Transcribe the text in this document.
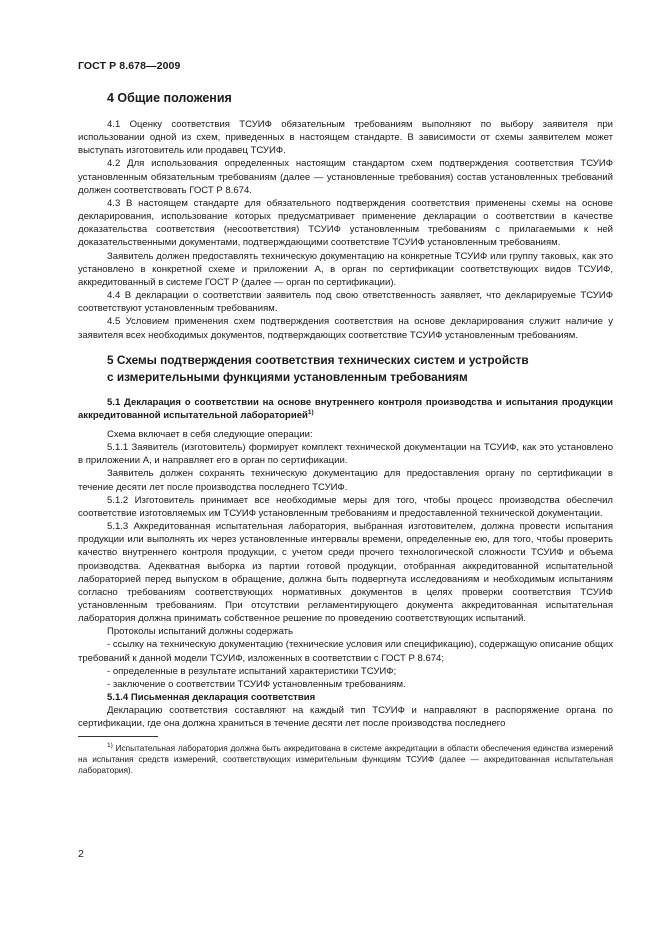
ГОСТ Р 8.678—2009
4 Общие положения

4.1 Оценку соответствия ТСУИФ обязательным требованиям выполняют по выбору заявителя при использовании одной из схем, приведенных в настоящем стандарте. В зависимости от схемы заявителем может выступать изготовитель или продавец ТСУИФ.

4.2 Для использования определенных настоящим стандартом схем подтверждения соответствия ТСУИФ установленным обязательным требованиям (далее — установленные требования) состав установленных требований должен соответствовать ГОСТ Р 8.674.

4.3 В настоящем стандарте для обязательного подтверждения соответствия применены схемы на основе декларирования, использование которых предусматривает применение декларации о соответствии в качестве доказательства соответствия (несоответствия) ТСУИФ установленным требованиям с прилагаемыми к ней доказательственными документами, подтверждающими соответствие ТСУИФ установленным требованиям.

Заявитель должен предоставлять техническую документацию на конкретные ТСУИФ или группу таковых, как это установлено в конкретной схеме и приложении А, в орган по сертификации соответствующих видов ТСУИФ, аккредитованный в системе ГОСТ Р (далее — орган по сертификации).

4.4 В декларации о соответствии заявитель под свою ответственность заявляет, что декларируемые ТСУИФ соответствуют установленным требованиям.

4.5 Условием применения схем подтверждения соответствия на основе декларирования служит наличие у заявителя всех необходимых документов, подтверждающих соответствие ТСУИФ установленным требованиям.

5 Схемы подтверждения соответствия технических систем и устройств
с измерительными функциями установленным требованиям

5.1 Декларация о соответствии на основе внутреннего контроля производства и испытания продукции аккредитованной испытательной лабораторией$^{1)}$

Схема включает в себя следующие операции:

5.1.1 Заявитель (изготовитель) формирует комплект технической документации на ТСУИФ, как это установлено в приложении А, и направляет его в орган по сертификации.

Заявитель должен сохранять техническую документацию для предоставления органу по сертификации в течение десяти лет после производства последнего ТСУИФ.

5.1.2 Изготовитель принимает все необходимые меры для того, чтобы процесс производства обеспечил соответствие изготовляемых им ТСУИФ установленным требованиям и предоставленной технической документации.

5.1.3 Аккредитованная испытательная лаборатория, выбранная изготовителем, должна провести испытания продукции или выполнять их через установленные интервалы времени, определенные ею, для того, чтобы проверить качество внутреннего контроля продукции, с учетом среди прочего технологической сложности ТСУИФ и объема производства. Адекватная выборка из партии готовой продукции, отобранная аккредитованной испытательной лабораторией перед выпуском в обращение, должна быть подвергнута исследованиям и необходимым испытаниям согласно требованиям соответствующих нормативных документов в целях проверки соответствия ТСУИФ установленным требованиям. При отсутствии регламентирующего документа аккредитованная испытательная лаборатория должна принимать собственное решение по проведению соответствующих испытаний.

Протоколы испытаний должны содержать

- ссылку на техническую документацию (технические условия или спецификацию), содержащую описание общих требований к данной модели ТСУИФ, изложенных в соответствии с ГОСТ Р 8.674;

- определенные в результате испытаний характеристики ТСУИФ;

- заключение о соответствии ТСУИФ установленным требованиям.

5.1.4 Письменная декларация соответствия

Декларацию соответствия составляют на каждый тип ТСУИФ и направляют в распоряжение органа по сертификации, где она должна храниться в течение десяти лет после производства последнего

$^{1)}$ Испытательная лаборатория должна быть аккредитована в системе аккредитации в области обеспечения единства измерений на испытания средств измерений, соответствующих измерительным функциям ТСУИФ (далее — аккредитованная испытательная лаборатория).

2
